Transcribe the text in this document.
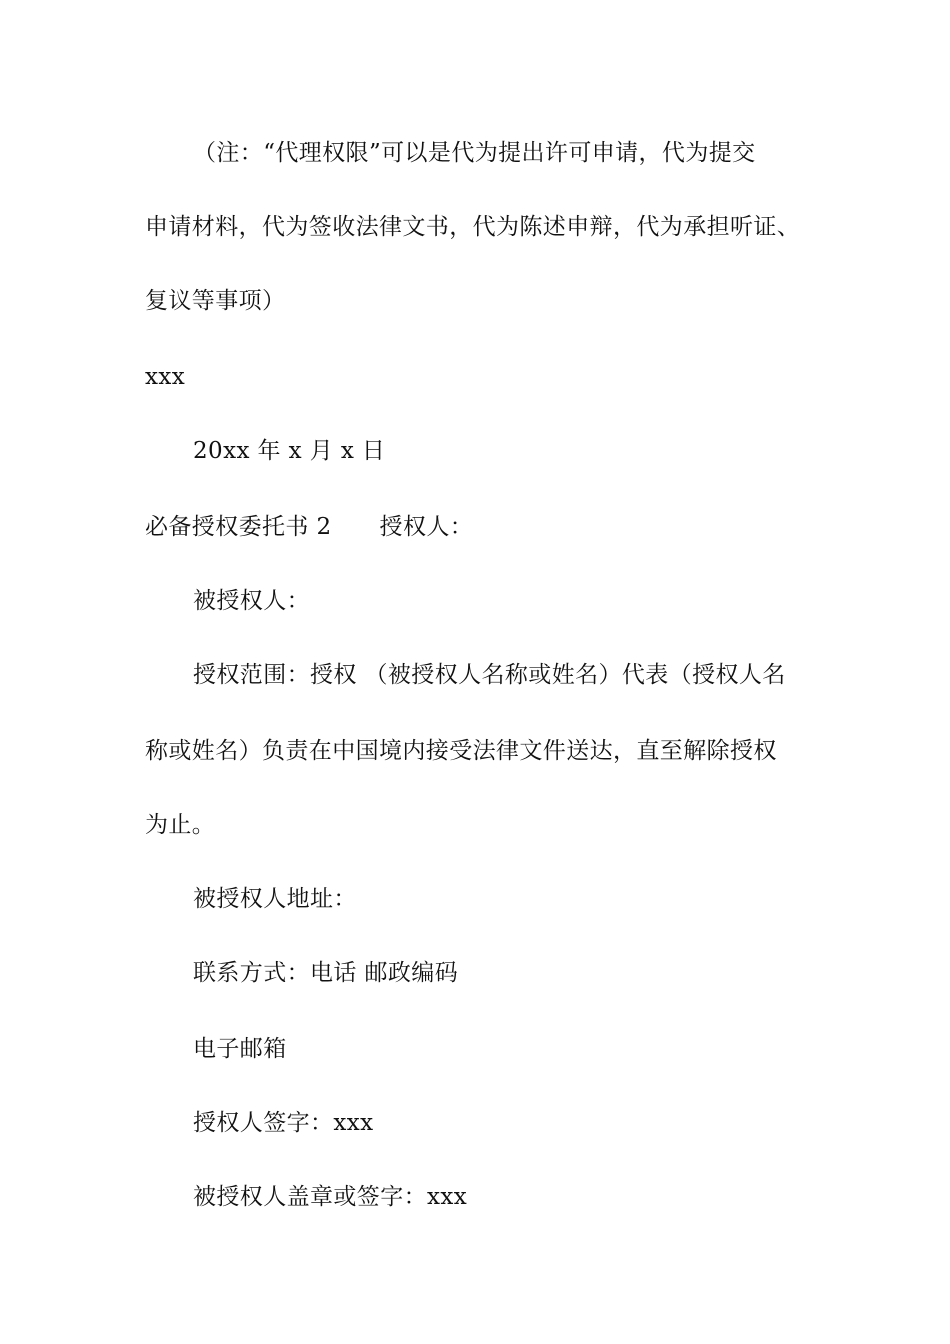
（注：“代理权限”可以是代为提出许可申请，代为提交
申请材料，代为签收法律文书，代为陈述申辩，代为承担听证、
复议等事项）
xxx
20xx 年 x 月 x 日
必备授权委托书 2 授权人：
被授权人：
授权范围：授权 （被授权人名称或姓名）代表（授权人名
称或姓名）负责在中国境内接受法律文件送达，直至解除授权
为止。
被授权人地址：
联系方式：电话 邮政编码
电子邮箱
授权人签字：xxx
被授权人盖章或签字：xxx
